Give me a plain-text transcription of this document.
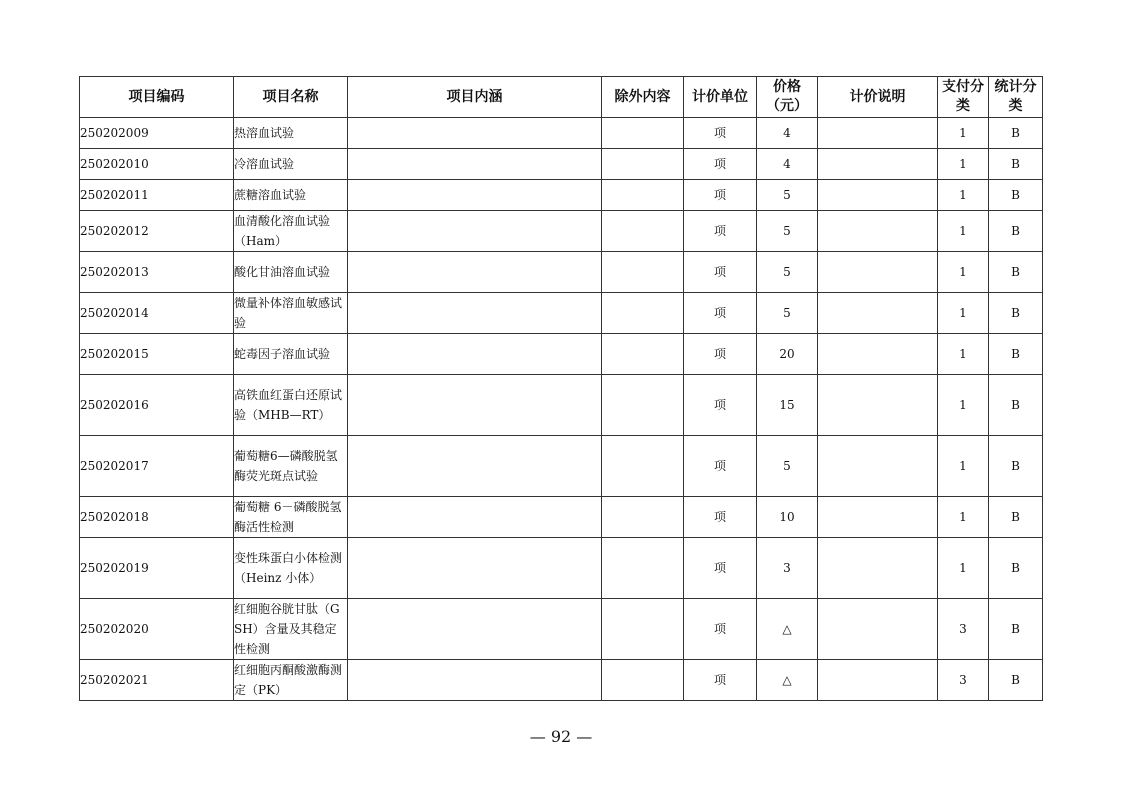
项目编码	项目名称	项目内涵	除外内容	计价单位	价格（元）	计价说明	支付分类	统计分类
250202009	热溶血试验			项	4		1	B
250202010	冷溶血试验			项	4		1	B
250202011	蔗糖溶血试验			项	5		1	B
250202012	血清酸化溶血试验（Ham）			项	5		1	B
250202013	酸化甘油溶血试验			项	5		1	B
250202014	微量补体溶血敏感试验			项	5		1	B
250202015	蛇毒因子溶血试验			项	20		1	B
250202016	高铁血红蛋白还原试验（MHB—RT）			项	15		1	B
250202017	葡萄糖6—磷酸脱氢酶荧光斑点试验			项	5		1	B
250202018	葡萄糖 6－磷酸脱氢酶活性检测			项	10		1	B
250202019	变性珠蛋白小体检测（Heinz 小体）			项	3		1	B
250202020	红细胞谷胱甘肽（GSH）含量及其稳定性检测			项	△		3	B
250202021	红细胞丙酮酸激酶测定（PK）			项	△		3	B
— 92 —
